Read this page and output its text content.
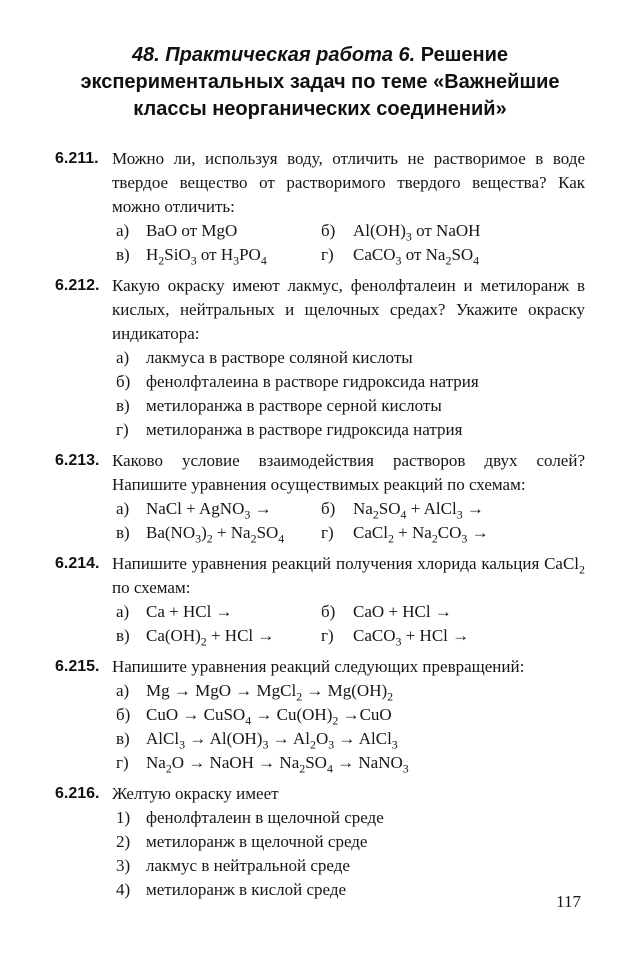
48. Практическая работа 6. Решение экспериментальных задач по теме «Важнейшие классы неорганических соединений»
6.211. Можно ли, используя воду, отличить не растворимое в воде твердое вещество от растворимого твердого вещества? Как можно отличить:
а) BaO от MgO	б)	$Al(OH)_3$ от NaOH
в) $H_2SiO_3$ от $H_3PO_4$	г)	CaCO$_3$ от $Na_2SO_4$
6.212. Какую окраску имеют лакмус, фенолфталеин и метилоранж в кислых, нейтральных и щелочных средах? Укажите окраску индикатора:
а) лакмуса в растворе соляной кислоты
б) фенолфталеина в растворе гидроксида натрия
в) метилоранжа в растворе серной кислоты
г)	метилоранжа в растворе гидроксида натрия
6.213. Каково условие взаимодействия растворов двух солей? Напишите уравнения осуществимых реакций по схемам:
а) NaCl + AgNO$_3$ →	б)	$Na_2SO_4$ + AlCl$_3$ →
в) $Ba(NO_3)_2 + Na_2SO_4$	г)	CaCl$_2$ + $Na_2CO_3$ →
6.214. Напишите уравнения реакций получения хлорида кальция CaCl$_2$ по схемам:
а) Ca + HCl →	б)	CaO + HCl →
в) $Ca(OH)_2$ + HCl →	г)	CaCO$_3$ + HCl →
6.215. Напишите уравнения реакций следующих превращений:
а) Mg → MgO → MgCl$_2$ → $Mg(OH)_2$
б) CuO → CuSO$_4$ → $Cu(OH)_2 \to CuO$
в) AlCl$_3$ → $Al(OH)_3 \to Al_2O_3$ → AlCl$_3$
г)	$Na_2O$ → NaOH → $Na_2SO_4$ → NaNO$_3$
6.216. Желтую окраску имеет
1) фенолфталеин в щелочной среде
2) метилоранж в щелочной среде
3) лакмус в нейтральной среде
4) метилоранж в кислой среде
117
